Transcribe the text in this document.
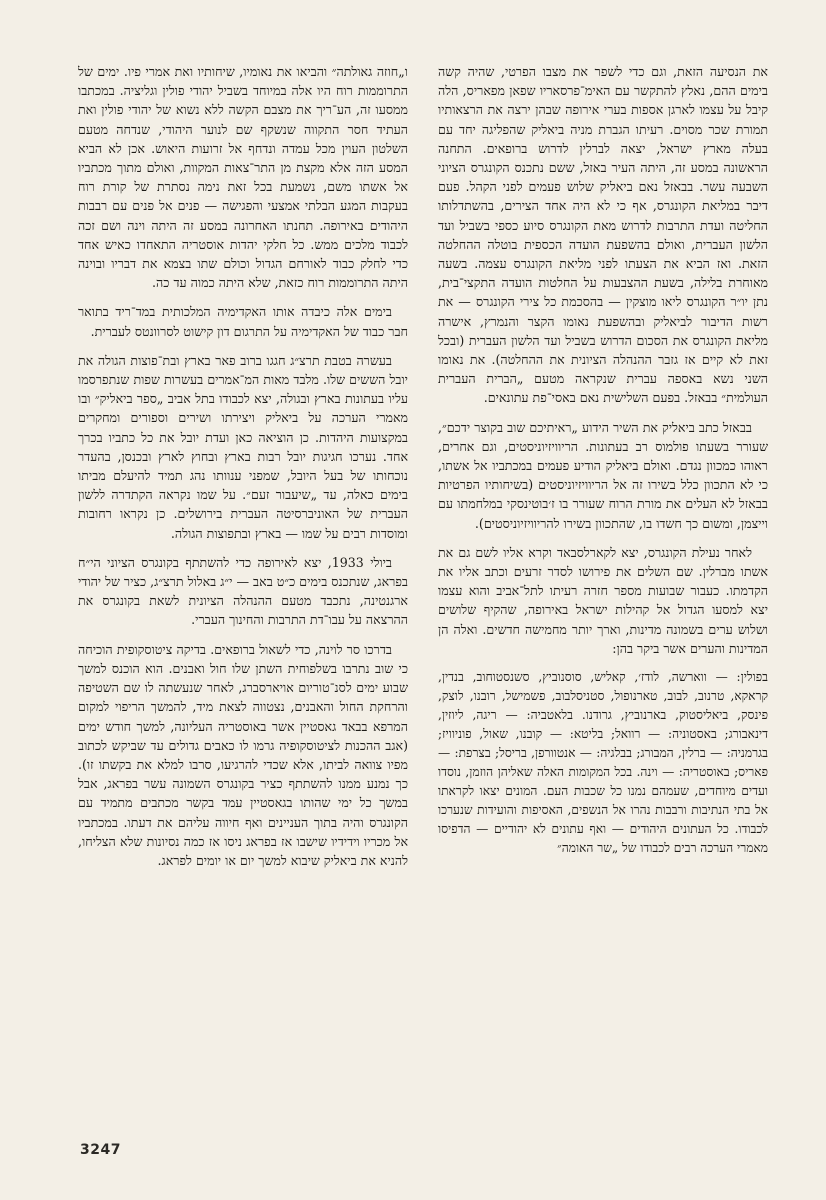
את הנסיעה הזאת, וגם כדי לשפר את מצבו הפרטי, שהיה קשה בימים ההם, נאלץ להתקשר עם האימ־פרסאריו שפאן מפאריס, הלה קיבל על עצמו לארגן אספות בערי אירופה שבהן ירצה את הרצאותיו תמורת שכר מסוים. רעיתו הגברת מניה ביאליק שהפליגה יחד עם בעלה מארץ ישראל, יצאה לברלין לדרוש ברופאים. התחנה הראשונה במסע זה, היתה העיר באזל, ששם נתכנס הקונגרס הציוני השבעה עשר. בבאזל נאם ביאליק שלוש פעמים לפני הקהל. פעם דיבר במליאת הקונגרס, אף כי לא היה אחד הצירים, בהשתדלותו החליטה ועדת התרבות לדרוש מאת הקונגרס סיוע כספי בשביל ועד הלשון העברית, ואולם בהשפעת הועדה הכספית בוטלה ההחלטה הזאת. ואז הביא את הצעתו לפני מליאת הקונגרס עצמה. בשעה מאוחרת בלילה, בשעת ההצבעות על החלטות הועדה התקצי־בית, נתן יו״ר הקונגרס ליאו מוצקין — בהסכמת כל צירי הקונגרס — את רשות הדיבור לביאליק ובהשפעת נאומו הקצר והנמרץ, אישרה מליאת הקונגרס את הסכום הדרוש בשביל ועד הלשון העברית (ובכל זאת לא קיים אז גזבר ההנהלה הציונית את ההחלטה). את נאומו השני נשא באספה עברית שנקראה מטעם „הברית העברית העולמית״ בבאזל. בפעם השלישית נאם באסי־פת עתונאים.

בבאזל כתב ביאליק את השיר הידוע „ראיתיכם שוב בקוצר ידכם״, שעורר בשעתו פולמוס רב בעתונות. הריוויזיוניסטים, וגם אחרים, ראוהו כמכוון נגדם. ואולם ביאליק הודיע פעמים במכתביו אל אשתו, כי לא התכוון כלל בשירו זה אל הריוויזיוניסטים (בשיחותיו הפרטיות בבאזל לא העלים את מורת הרוח שעורר בו ז׳בוטינסקי במלחמתו עם וייצמן, ומשום כך חשדו בו, שהתכוון בשירו להריוויזיוניסטים).

לאחר נעילת הקונגרס, יצא לקארלסבאד וקרא אליו לשם גם את אשתו מברלין. שם השלים את פירושו לסדר זרעים וכתב אליו את הקדמתו. כעבור שבועות מספר חזרה רעיתו לתל־אביב והוא עצמו יצא למסעו הגדול אל קהילות ישראל באירופה, שהקיף שלושים ושלוש ערים בשמונה מדינות, וארך יותר מחמישה חדשים. ואלה הן המדינות והערים אשר ביקר בהן:

בפולין: — ווארשה, לודז׳, קאליש, סוסנוביץ, סשנסטוחוב, בנדין, קראקא, טרנוב, לבוב, טארנופול, סטניסלבוב, פשמישל, רובנו, לוצק, פינסק, ביאליסטוק, בארנוביץ, גרודנו. בלאטביה: — ריגה, ליוזין, דינאבורג; באסטוניה: — רוואל; בליטא: — קובנו, שאול, פוניוויז; בגרמניה: — ברלין, המבורג; בבלגיה: — אנטוורפן, בריסל; בצרפת: — פאריס; באוסטריה: — וינה. בכל המקומות האלה שאליהן הוזמן, נוסדו ועדים מיוחדים, שעמהם נמנו כל שכבות העם. המונים יצאו לקראתו אל בתי הנתיבות ורבבות נהרו אל הנשפים, האסיפות והועידות שנערכו לכבודו. כל העתונים היהודים — ואף עתונים לא יהודיים — הדפיסו מאמרי הערכה רבים לכבודו של „שר האומה״

ו„חוזה גאולתה״ והביאו את נאומיו, שיחותיו ואת אמרי פיו. ימים של התרוממות רוח היו אלה במיוחד בשביל יהודי פולין וגליציה. במכתבו ממסעו זה, הע־ריך את מצבם הקשה ללא נשוא של יהודי פולין ואת העתיד חסר התקווה שנשקף שם לנוער היהודי, שנדחה מטעם השלטון העוין מכל עמדה ונדחף אל זרועות היאוש. אכן לא הביא המסע הזה אלא מקצת מן התר־צאות המקוות, ואולם מתוך מכתביו אל אשתו משם, נשמעת בכל זאת נימה נסתרת של קורת רוח בעקבות המגע הבלתי אמצעי והפגישה — פנים אל פנים עם רבבות היהודים באירופה. תחנתו האחרונה במסע זה היתה וינה ושם זכה לכבוד מלכים ממש. כל חלקי יהדות אוסטריה התאחדו כאיש אחד כדי לחלק כבוד לאורחם הגדול וכולם שתו בצמא את דבריו ובוינה היתה התרוממות רוח כזאת, שלא היתה כמוה עד כה.

בימים אלה כיבדה אותו האקדימיה המלכותית במד־ריד בתואר חבר כבוד של האקדימיה על התרגום דון קישוט לסרוונטס לעברית.

בעשרה בטבת תרצ״ג חגגו ברוב פאר בארץ ובת־פוצות הגולה את יובל הששים שלו. מלבד מאות המ־אמרים בעשרות שפות שנתפרסמו עליו בעתונות בארץ ובגולה, יצא לכבודו בתל אביב „ספר ביאליק״ ובו מאמרי הערכה על ביאליק ויצירתו ושירים וספורים ומחקרים במקצועות היהדות. כן הוציאה כאן ועדת יובל את כל כתביו בכרך אחד. נערכו חגיגות יובל רבות בארץ ובחוץ לארץ ובכנסן, בהעדר נוכחותו של בעל היובל, שמפני ענוותו נהג תמיד להיעלם מביתו בימים כאלה, עד „שיעבור זעם״. על שמו נקראה הקתדרה ללשון העברית של האוניברסיטה העברית בירושלים. כן נקראו רחובות ומוסדות רבים על שמו — בארץ ובתפוצות הגולה.

ביולי 1933, יצא לאירופה כדי להשתתף בקונגרס הציוני הי״ח בפראג, שנתכנס בימים כ״ט באב — י״ג באלול תרצ״ג, כציר של יהודי ארגנטינה, נתכבד מטעם ההנהלה הציונית לשאת בקונגרס את ההרצאה על עבו־דת התרבות והחינוך העברי.

בדרכו סר לוינה, כדי לשאול ברופאים. בדיקה ציטוסקופית הוכיחה כי שוב נתרבו בשלפוחית השתן שלו חול ואבנים. הוא הוכנס למשך שבוע ימים לסנ־טוריום אויארסברג, לאחר שנעשתה לו שם השטיפה והרחקת החול והאבנים, נצטווה לצאת מיד, להמשך הריפוי למקום המרפא בבאד גאסטיין אשר באוסטריה העליונה, למשך חודש ימים (אגב ההכנות לציטוסקופיה גרמו לו כאבים גדולים עד שביקש לכתוב מפיו צוואה לביתו, אלא שכדי להרגיעו, סרבו למלא את בקשתו זו). כך נמנע ממנו להשתתף כציר בקונגרס השמונה עשר בפראג, אבל במשך כל ימי שהותו בגאסטיין עמד בקשר מכתבים מתמיד עם הקונגרס והיה בתוך העניינים ואף חיווה עליהם את דעתו. במכתביו אל מכריו וידידיו שישבו אז בפראג ניסו אז כמה נסיונות שלא הצליחו, להניא את ביאליק שיבוא למשך יום או יומים לפראג.

3247
